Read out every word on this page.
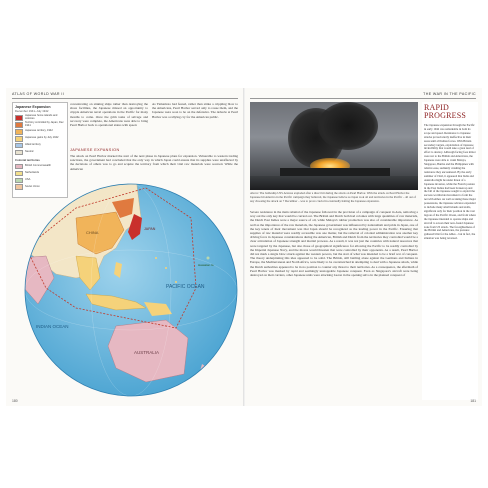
ATLAS OF WORLD WAR II	THE WAR IN THE PACIFIC
Japanese Expansion
December 1941–July 1942
Japanese home islands and colonies
Territory controlled by Japan, Dec 1941
Japanese territory, 1942
Japanese gains by July 1942
Allied territory
Neutral
Colonial territories
British Commonwealth
Netherlands
USA
Soviet Union
concentrating on sinking ships rather than destroying the shore facilities, the Japanese missed an opportunity to cripple American naval operations in the Pacific for many months to come. Once the grim tasks of salvage and recovery were complete, the Americans were able to bring Pearl Harbor back to operational status with speed.
As Yamamoto had feared, rather than strike a crippling blow to the Americans, Pearl Harbor served only to rouse them, and the Japanese were soon to be on the defensive. The debacle at Pearl Harbor was a rallying cry for the American public.
JAPANESE EXPANSION
The attack on Pearl Harbor marked the start of the next phase in Japanese plans for expansion. Vulnerable to western trading sanctions, the government had concluded that the only way in which Japan could ensure that its supplies were unaffected by the decisions of others was to go and acquire the territory from which their vital raw materials were sourced. While the American
PACIFIC OCEAN
INDIAN OCEAN
AUSTRALIA
CHINA
JAPAN
Hawaiian Is.
Above: The battleship USS Arizona exploded after a direct hit during the attack on Pearl Harbor. With the attack on Pearl Harbor the Japanese hit America in the Pacific campaign they believed, the Japanese believe as Japan took oil and territories in the Pacific – all out of any choosing the attack on 7 December – was to prove crucial in eventually halting the Japanese expansion.
Severe resistance in the main rebuttal of the Japanese followed in the provision of a campaign of conquest in Asia, removing a way out the only key that would be carried out. The British and Dutch both had colonies with large quantities of raw materials, the Dutch East Indies were a major source of oil, while Malaya's rubber production was also of considerable importance. As well as the importance of the raw materials, the Japanese government was influenced by nationalism and pride in Japan, one of the key tenets of their movement was that Japan should be recognized as the leading power in the Pacific. Ensuring that supplies of raw material were readily accessible was one matter, but the removal of colonial administration was another key driving force in Japanese considerations during the American, British and Dutch from the territories they controlled would be a clear articulation of Japanese strength and martial prowess. As a result, it was not just the countries with natural resources that were targeted by the Japanese, but also those of geographical significance for allowing the Pacific to be readily controlled by the Imperial Japanese Navy, and the moves would threaten that were controlled by their opponents. As a result, Pearl Harbor did not mark a single blow struck against the western powers, but the start of what was intended to be a brief war of conquest. The theory underpinning this idea appeared to be solid. The British, still battling alone against the Germans and Italians in Europe, the Mediterranean and North Africa, were likely to be overstretched in attempting to deal with a Japanese attack, while the Dutch authorities appeared to be in no position to counter any threat to their territories. As a consequence, the aftermath of Pearl Harbor was marked by rapid and seemingly unstoppable Japanese conquest. Even as Singapore's aircraft were being destroyed on their carriers, other Japanese units were attacking Luzon in the opening salvo in the planned conquest of
RAPID PROGRESS
The Japanese expansion through the Pacific in early 1942 was remarkable in both its scope and speed. Resistance to Japanese attacks proved utterly ineffective in their areas until all Indian forces. With Britain secondary targets, exploitation of Japanese invincibility that would take a great deal of effort to destroy. Although facing foes minor were not to the British and Americans, the Japanese were able to crush Malaya, Singapore, Burma and the Philippines with relative ease, suddenly crushing the resistance they encountered. By the early summer of 1942, it appeared that India and Australia might lie under threat of a Japanese invasion, while the French posture in the East Indies had been broken up and the fall of the Japanese sought to exploit the success worldwide movement to form the net with either. As well as taking these major possessions, the Japanese advance expanded to include many small islands and atolls, significant only for their position in the vast lagoon of the Pacific Ocean, and from where the Japanese intended to operate ships and aircraft to screen their new-found Japanese zone from US attack. The far-sightedness of the British and Americans, the pressure gathered blitz for the Allies – but in fact, the situation was being reversed.
180	181
